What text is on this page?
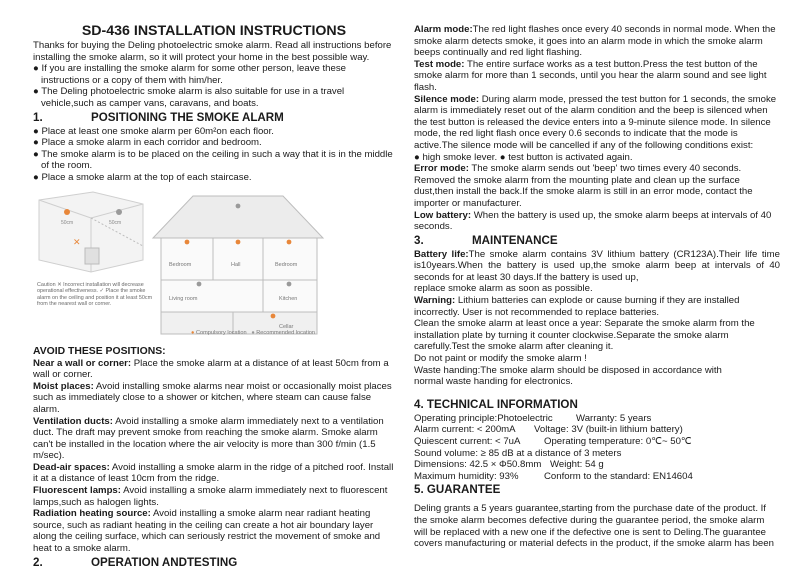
SD-436 INSTALLATION INSTRUCTIONS

Thanks for buying the Deling photoelectric smoke alarm. Read all instructions before installing the smoke alarm, so it will protect your home in the best possible way.

● If you are installing the smoke alarm for some other person, leave these instructions or a copy of them with him/her.

● The Deling photoelectric smoke alarm is also suitable for use in a travel vehicle,such as camper vans, caravans, and boats.

1.	POSITIONING THE SMOKE ALARM

● Place at least one smoke alarm per 60m²on each floor.

● Place a smoke alarm in each corridor and bedroom.

● The smoke alarm is to be placed on the ceiling in such a way that it is in the middle of the room.

● Place a smoke alarm at the top of each staircase.

50cm	50cm
✕
Bedroom	Hall	Bedroom
Living room	Kitchen
Cellar
Caution ✕ Incorrect installation will decrease operational effectiveness. ✓ Place the smoke alarm on the ceiling and position it at least 50cm from the nearest wall or corner.
● Compulsory location ● Recommended location

AVOID THESE POSITIONS:

Near a wall or corner: Place the smoke alarm at a distance of at least 50cm from a wall or corner.

Moist places: Avoid installing smoke alarms near moist or occasionally moist places such as immediately close to a shower or kitchen, where steam can cause false alarm.

Ventilation ducts: Avoid installing a smoke alarm immediately next to a ventilation duct. The draft may prevent smoke from reaching the smoke alarm. Smoke alarm can't be installed in the location where the air velocity is more than 300 f/min (1.5 m/sec).

Dead-air spaces: Avoid installing a smoke alarm in the ridge of a pitched roof. Install it at a distance of least 10cm from the ridge.

Fluorescent lamps: Avoid installing a smoke alarm immediately next to fluorescent lamps,such as halogen lights.

Radiation heating source: Avoid installing a smoke alarm near radiant heating source, such as radiant heating in the ceiling can create a hot air boundary layer along the ceiling surface, which can seriously restrict the movement of smoke and heat to a smoke alarm.

2.	OPERATION ANDTESTING

Alarm mode:The red light flashes once every 40 seconds in normal mode. When the smoke alarm detects smoke, it goes into an alarm mode in which the smoke alarm beeps continually and red light flashing.

Test mode: The entire surface works as a test button.Press the test button of the smoke alarm for more than 1 seconds, until you hear the alarm sound and see light flash.

Silence mode: During alarm mode, pressed the test button for 1 seconds, the smoke alarm is immediately reset out of the alarm condition and the beep is silenced when the test button is released the device enters into a 9-minute silence mode. In silence mode, the red light flash once every 0.6 seconds to indicate that the mode is active.The silence mode will be cancelled if any of the following conditions exist:

● high smoke lever. ● test button is activated again.

Error mode: The smoke alarm sends out 'beep' two times every 40 seconds. Removed the smoke alarm from the mounting plate and clean up the surface dust,then install the back.If the smoke alarm is still in an error mode, contact the importer or manufacturer.

Low battery: When the battery is used up, the smoke alarm beeps at intervals of 40 seconds.

3.	MAINTENANCE

Battery life:The smoke alarm contains 3V lithium battery (CR123A).Their life time is10years.When the battery is used up,the smoke alarm beep at intervals of 40 seconds for at least 30 days.If the battery is used up,

replace smoke alarm as soon as possible.

Warning: Lithium batteries can explode or cause burning if they are installed incorrectly. User is not recommended to replace batteries.

Clean the smoke alarm at least once a year: Separate the smoke alarm from the installation plate by turning it counter clockwise.Separate the smoke alarm carefully.Test the smoke alarm after cleaning it.

Do not paint or modify the smoke alarm !

Waste handing:The smoke alarm should be disposed in accordance with

normal waste handing for electronics.

4. TECHNICAL INFORMATION

Operating principle:Photoelectric Warranty: 5 years

Alarm current: < 200mA Voltage: 3V (built-in lithium battery)

Quiescent current: < 7uA Operating temperature: 0℃~ 50℃

Sound volume: ≥ 85 dB at a distance of 3 meters

Dimensions: 42.5 × Φ50.8mm Weight: 54 g

Maximum humidity: 93%	Conform to the standard: EN14604

5. GUARANTEE

Deling grants a 5 years guarantee,starting from the purchase date of the product. If the smoke alarm becomes defective during the guarantee period, the smoke alarm will be replaced with a new one if the defective one is sent to Deling.The guarantee covers manufacturing or material defects in the product, if the smoke alarm has been
